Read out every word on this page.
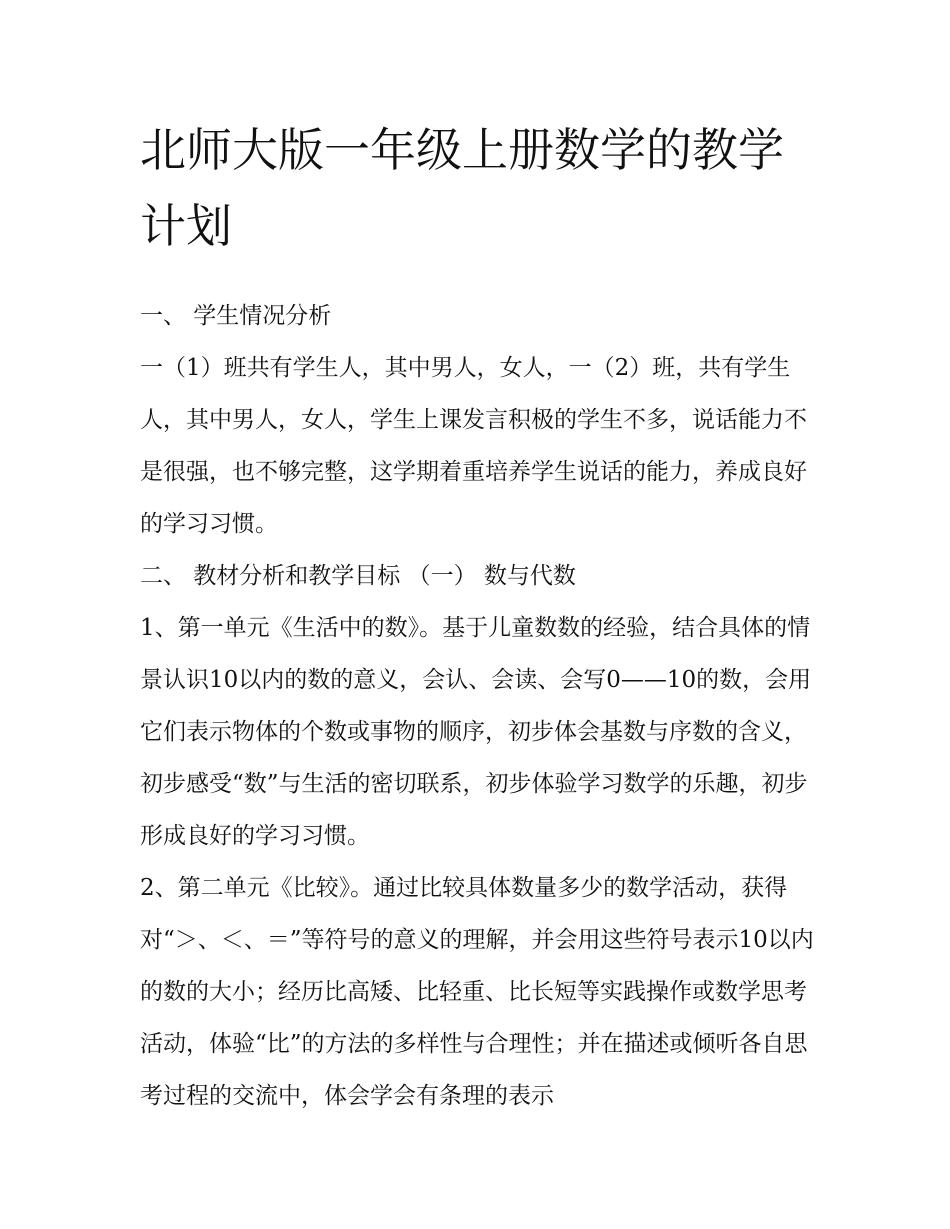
北师大版一年级上册数学的教学计划

一、 学生情况分析

一（1）班共有学生人，其中男人，女人，一（2）班，共有学生人，其中男人，女人，学生上课发言积极的学生不多，说话能力不是很强，也不够完整，这学期着重培养学生说话的能力，养成良好的学习习惯。

二、 教材分析和教学目标 （一） 数与代数

1、第一单元《生活中的数》。基于儿童数数的经验，结合具体的情景认识10以内的数的意义，会认、会读、会写0——10的数，会用它们表示物体的个数或事物的顺序，初步体会基数与序数的含义，初步感受“数”与生活的密切联系，初步体验学习数学的乐趣，初步形成良好的学习习惯。

2、第二单元《比较》。通过比较具体数量多少的数学活动，获得对“＞、＜、＝”等符号的意义的理解，并会用这些符号表示10以内的数的大小；经历比高矮、比轻重、比长短等实践操作或数学思考活动，体验“比”的方法的多样性与合理性；并在描述或倾听各自思考过程的交流中，体会学会有条理的表示
